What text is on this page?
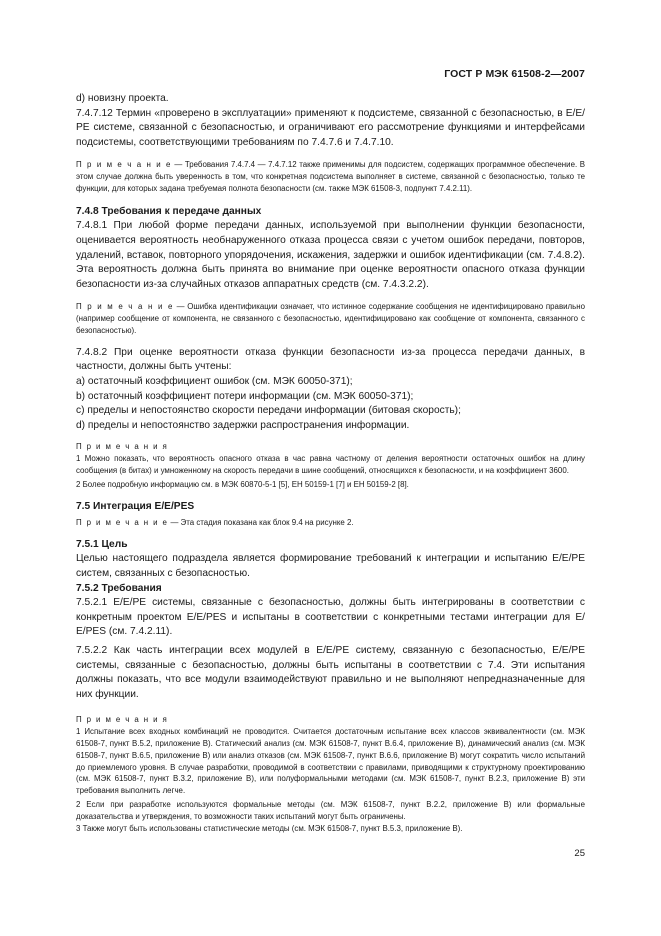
ГОСТ Р МЭК 61508-2—2007

d) новизну проекта.

7.4.7.12 Термин «проверено в эксплуатации» применяют к подсистеме, связанной с безопасностью, в Е/Е/РЕ системе, связанной с безопасностью, и ограничивают его рассмотрение функциями и интерфейсами подсистемы, соответствующими требованиям по 7.4.7.6 и 7.4.7.10.

П р и м е ч а н и е — Требования 7.4.7.4 — 7.4.7.12 также применимы для подсистем, содержащих программное обеспечение. В этом случае должна быть уверенность в том, что конкретная подсистема выполняет в системе, связанной с безопасностью, только те функции, для которых задана требуемая полнота безопасности (см. также МЭК 61508-3, подпункт 7.4.2.11).

7.4.8 Требования к передаче данных

7.4.8.1 При любой форме передачи данных, используемой при выполнении функции безопасности, оценивается вероятность необнаруженного отказа процесса связи с учетом ошибок передачи, повторов, удалений, вставок, повторного упорядочения, искажения, задержки и ошибок идентификации (см. 7.4.8.2). Эта вероятность должна быть принята во внимание при оценке вероятности опасного отказа функции безопасности из-за случайных отказов аппаратных средств (см. 7.4.3.2.2).

П р и м е ч а н и е — Ошибка идентификации означает, что истинное содержание сообщения не идентифицировано правильно (например сообщение от компонента, не связанного с безопасностью, идентифицировано как сообщение от компонента, связанного с безопасностью).

7.4.8.2 При оценке вероятности отказа функции безопасности из-за процесса передачи данных, в частности, должны быть учтены:

a) остаточный коэффициент ошибок (см. МЭК 60050-371);

b) остаточный коэффициент потери информации (см. МЭК 60050-371);

c) пределы и непостоянство скорости передачи информации (битовая скорость);

d) пределы и непостоянство задержки распространения информации.

П р и м е ч а н и я

1 Можно показать, что вероятность опасного отказа в час равна частному от деления вероятности остаточных ошибок на длину сообщения (в битах) и умноженному на скорость передачи в шине сообщений, относящихся к безопасности, и на коэффициент 3600.

2 Более подробную информацию см. в МЭК 60870-5-1 [5], ЕН 50159-1 [7] и ЕН 50159-2 [8].

7.5 Интеграция Е/Е/PES

П р и м е ч а н и е — Эта стадия показана как блок 9.4 на рисунке 2.

7.5.1 Цель

Целью настоящего подраздела является формирование требований к интеграции и испытанию Е/Е/РЕ систем, связанных с безопасностью.

7.5.2 Требования

7.5.2.1 Е/Е/РЕ системы, связанные с безопасностью, должны быть интегрированы в соответствии с конкретным проектом Е/Е/PES и испытаны в соответствии с конкретными тестами интеграции для Е/Е/PES (см. 7.4.2.11).

7.5.2.2 Как часть интеграции всех модулей в Е/Е/РЕ систему, связанную с безопасностью, Е/Е/РЕ системы, связанные с безопасностью, должны быть испытаны в соответствии с 7.4. Эти испытания должны показать, что все модули взаимодействуют правильно и не выполняют непредназначенные для них функции.

П р и м е ч а н и я

1 Испытание всех входных комбинаций не проводится. Считается достаточным испытание всех классов эквивалентности (см. МЭК 61508-7, пункт В.5.2, приложение В). Статический анализ (см. МЭК 61508-7, пункт В.6.4, приложение В), динамический анализ (см. МЭК 61508-7, пункт В.6.5, приложение В) или анализ отказов (см. МЭК 61508-7, пункт В.6.6, приложение В) могут сократить число испытаний до приемлемого уровня. В случае разработки, проводимой в соответствии с правилами, приводящими к структурному проектированию (см. МЭК 61508-7, пункт В.3.2, приложение В), или полуформальными методами (см. МЭК 61508-7, пункт В.2.3, приложение В) эти требования выполнить легче.

2 Если при разработке используются формальные методы (см. МЭК 61508-7, пункт В.2.2, приложение В) или формальные доказательства и утверждения, то возможности таких испытаний могут быть ограничены.

3 Также могут быть использованы статистические методы (см. МЭК 61508-7, пункт В.5.3, приложение В).

25
